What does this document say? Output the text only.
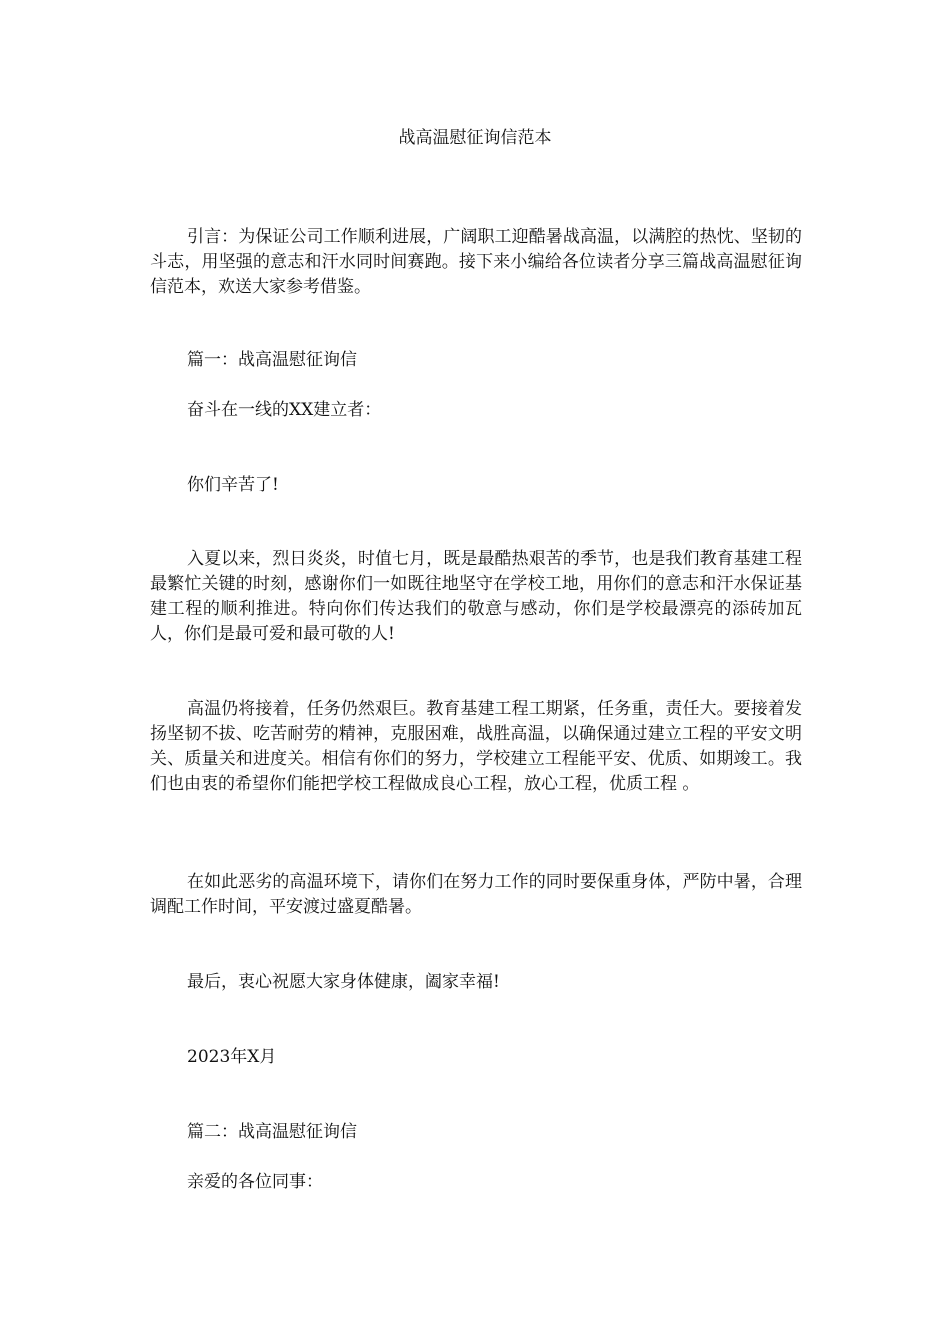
战高温慰征询信范本

引言：为保证公司工作顺利进展，广阔职工迎酷暑战高温，以满腔的热忱、坚韧的斗志，用坚强的意志和汗水同时间赛跑。接下来小编给各位读者分享三篇战高温慰征询信范本，欢送大家参考借鉴。

篇一：战高温慰征询信

奋斗在一线的XX建立者：

你们辛苦了!

入夏以来，烈日炎炎，时值七月，既是最酷热艰苦的季节，也是我们教育基建工程最繁忙关键的时刻，感谢你们一如既往地坚守在学校工地，用你们的意志和汗水保证基建工程的顺利推进。特向你们传达我们的敬意与感动，你们是学校最漂亮的添砖加瓦人，你们是最可爱和最可敬的人!

高温仍将接着，任务仍然艰巨。教育基建工程工期紧，任务重，责任大。要接着发扬坚韧不拔、吃苦耐劳的精神，克服困难，战胜高温，以确保通过建立工程的平安文明关、质量关和进度关。相信有你们的努力，学校建立工程能平安、优质、如期竣工。我们也由衷的希望你们能把学校工程做成良心工程，放心工程，优质工程 。

在如此恶劣的高温环境下，请你们在努力工作的同时要保重身体，严防中暑，合理调配工作时间，平安渡过盛夏酷暑。

最后，衷心祝愿大家身体健康，阖家幸福!

2023年X月

篇二：战高温慰征询信

亲爱的各位同事：
